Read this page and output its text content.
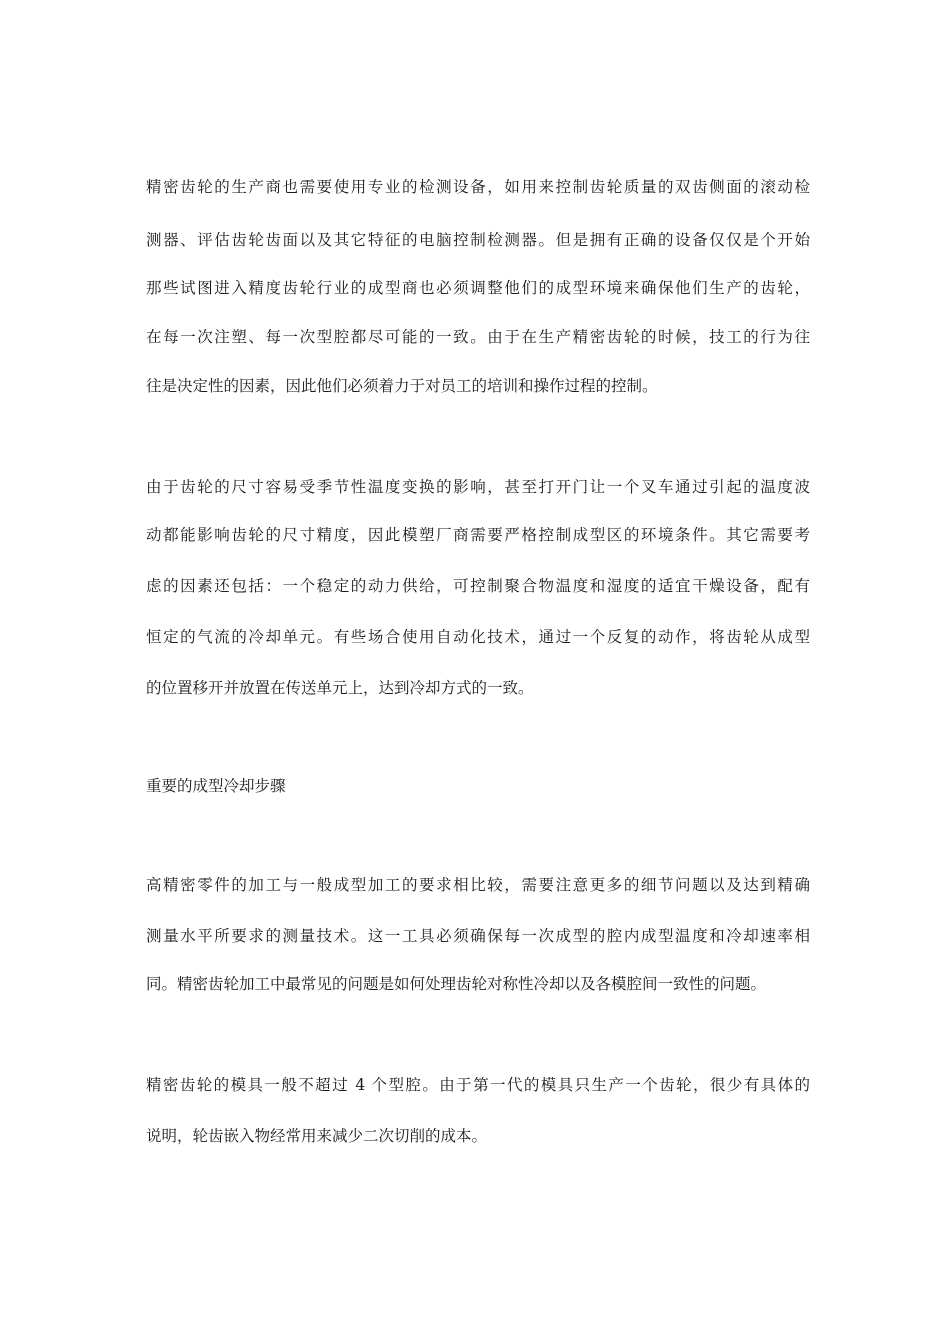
精密齿轮的生产商也需要使用专业的检测设备，如用来控制齿轮质量的双齿侧面的滚动检
测器、评估齿轮齿面以及其它特征的电脑控制检测器。但是拥有正确的设备仅仅是个开始
那些试图进入精度齿轮行业的成型商也必须调整他们的成型环境来确保他们生产的齿轮，
在每一次注塑、每一次型腔都尽可能的一致。由于在生产精密齿轮的时候，技工的行为往
往是决定性的因素，因此他们必须着力于对员工的培训和操作过程的控制。
由于齿轮的尺寸容易受季节性温度变换的影响，甚至打开门让一个叉车通过引起的温度波
动都能影响齿轮的尺寸精度，因此模塑厂商需要严格控制成型区的环境条件。其它需要考
虑的因素还包括：一个稳定的动力供给，可控制聚合物温度和湿度的适宜干燥设备，配有
恒定的气流的冷却单元。有些场合使用自动化技术，通过一个反复的动作，将齿轮从成型
的位置移开并放置在传送单元上，达到冷却方式的一致。
重要的成型冷却步骤
高精密零件的加工与一般成型加工的要求相比较，需要注意更多的细节问题以及达到精确
测量水平所要求的测量技术。这一工具必须确保每一次成型的腔内成型温度和冷却速率相
同。精密齿轮加工中最常见的问题是如何处理齿轮对称性冷却以及各模腔间一致性的问题。
精密齿轮的模具一般不超过 4 个型腔。由于第一代的模具只生产一个齿轮，很少有具体的
说明，轮齿嵌入物经常用来减少二次切削的成本。
